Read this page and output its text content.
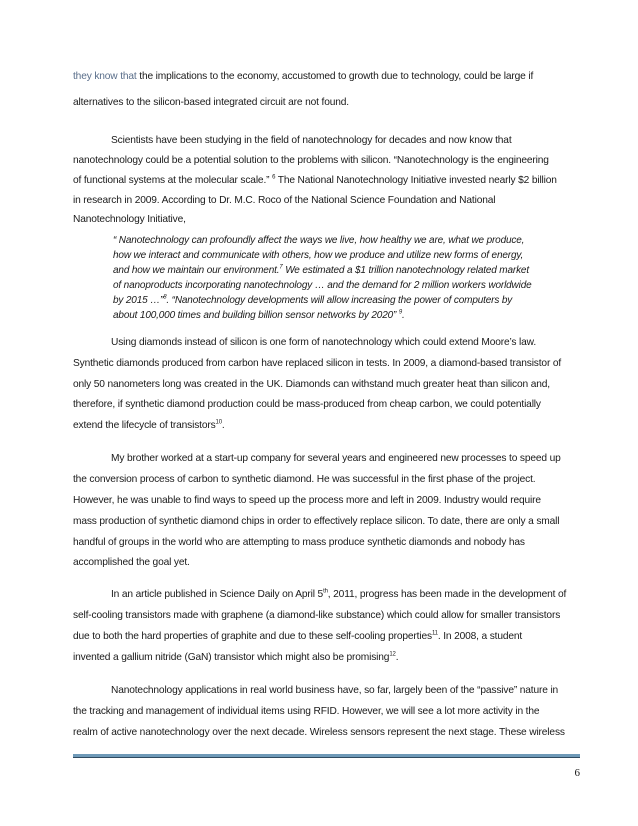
they know that the implications to the economy, accustomed to growth due to technology, could be large if
alternatives to the silicon-based integrated circuit are not found.
Scientists have been studying in the field of nanotechnology for decades and now know that
nanotechnology could be a potential solution to the problems with silicon. “Nanotechnology is the engineering
of functional systems at the molecular scale.” $^6$ The National Nanotechnology Initiative invested nearly $2 billion
in research in 2009. According to Dr. M.C. Roco of the National Science Foundation and National
Nanotechnology Initiative,
“ Nanotechnology can profoundly affect the ways we live, how healthy we are, what we produce,
how we interact and communicate with others, how we produce and utilize new forms of energy,
and how we maintain our environment.$^7$ We estimated a $1 trillion nanotechnology related market
of nanoproducts incorporating nanotechnology … and the demand for 2 million workers worldwide
by 2015 …”$^8$. “Nanotechnology developments will allow increasing the power of computers by
about 100,000 times and building billion sensor networks by 2020” $^9$.
Using diamonds instead of silicon is one form of nanotechnology which could extend Moore’s law.
Synthetic diamonds produced from carbon have replaced silicon in tests. In 2009, a diamond-based transistor of
only 50 nanometers long was created in the UK. Diamonds can withstand much greater heat than silicon and,
therefore, if synthetic diamond production could be mass-produced from cheap carbon, we could potentially
extend the lifecycle of transistors$^{10}$.
My brother worked at a start-up company for several years and engineered new processes to speed up
the conversion process of carbon to synthetic diamond. He was successful in the first phase of the project.
However, he was unable to find ways to speed up the process more and left in 2009. Industry would require
mass production of synthetic diamond chips in order to effectively replace silicon. To date, there are only a small
handful of groups in the world who are attempting to mass produce synthetic diamonds and nobody has
accomplished the goal yet.
In an article published in Science Daily on April 5th, 2011, progress has been made in the development of
self-cooling transistors made with graphene (a diamond-like substance) which could allow for smaller transistors
due to both the hard properties of graphite and due to these self-cooling properties$^{11}$. In 2008, a student
invented a gallium nitride (GaN) transistor which might also be promising$^{12}$.
Nanotechnology applications in real world business have, so far, largely been of the “passive” nature in
the tracking and management of individual items using RFID. However, we will see a lot more activity in the
realm of active nanotechnology over the next decade. Wireless sensors represent the next stage. These wireless
6
